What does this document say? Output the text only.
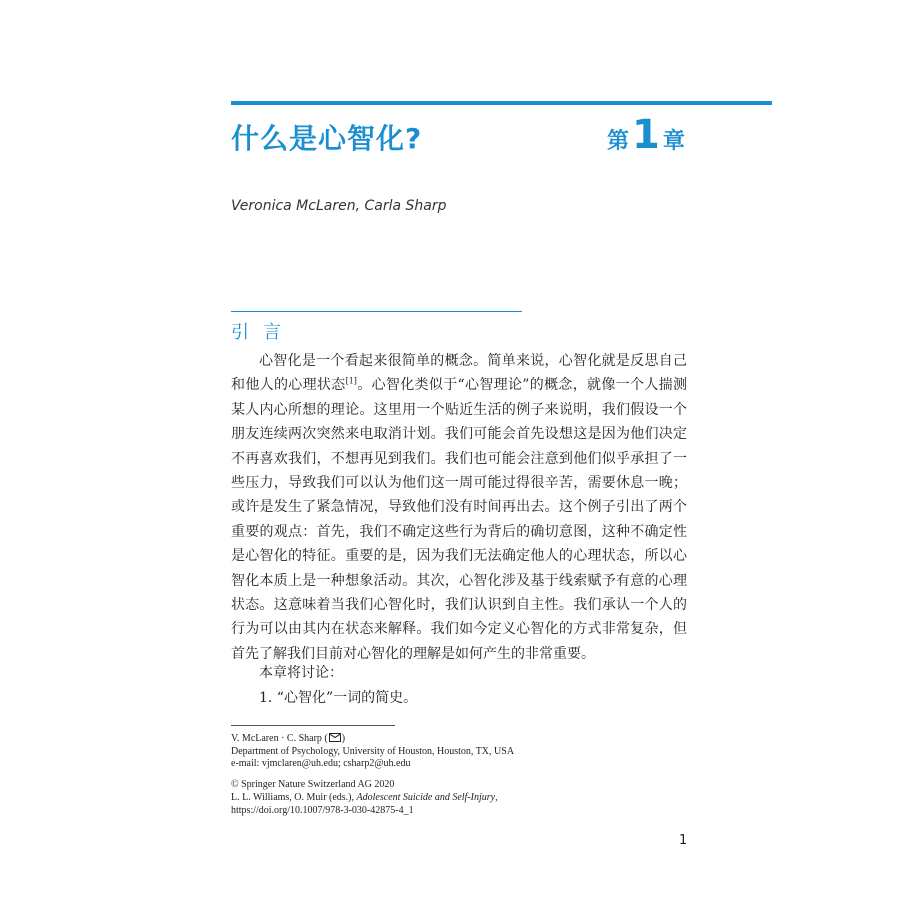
什么是心智化?	第1 章
Veronica McLaren, Carla Sharp
引言

心智化是一个看起来很简单的概念。简单来说，心智化就是反思自己和他人的心理状态[1]。心智化类似于“心智理论”的概念，就像一个人揣测某人内心所想的理论。这里用一个贴近生活的例子来说明，我们假设一个朋友连续两次突然来电取消计划。我们可能会首先设想这是因为他们决定不再喜欢我们，不想再见到我们。我们也可能会注意到他们似乎承担了一些压力，导致我们可以认为他们这一周可能过得很辛苦，需要休息一晚；或许是发生了紧急情况，导致他们没有时间再出去。这个例子引出了两个重要的观点：首先，我们不确定这些行为背后的确切意图，这种不确定性是心智化的特征。重要的是，因为我们无法确定他人的心理状态，所以心智化本质上是一种想象活动。其次，心智化涉及基于线索赋予有意的心理状态。这意味着当我们心智化时，我们认识到自主性。我们承认一个人的行为可以由其内在状态来解释。我们如今定义心智化的方式非常复杂，但首先了解我们目前对心智化的理解是如何产生的非常重要。

本章将讨论：
1. “心智化”一词的简史。
V. McLaren · C. Sharp ( )
Department of Psychology, University of Houston, Houston, TX, USA
e-mail: vjmclaren@uh.edu; csharp2@uh.edu
© Springer Nature Switzerland AG 2020
L. L. Williams, O. Muir (eds.), Adolescent Suicide and Self-Injury,
https://doi.org/10.1007/978-3-030-42875-4_1
1
